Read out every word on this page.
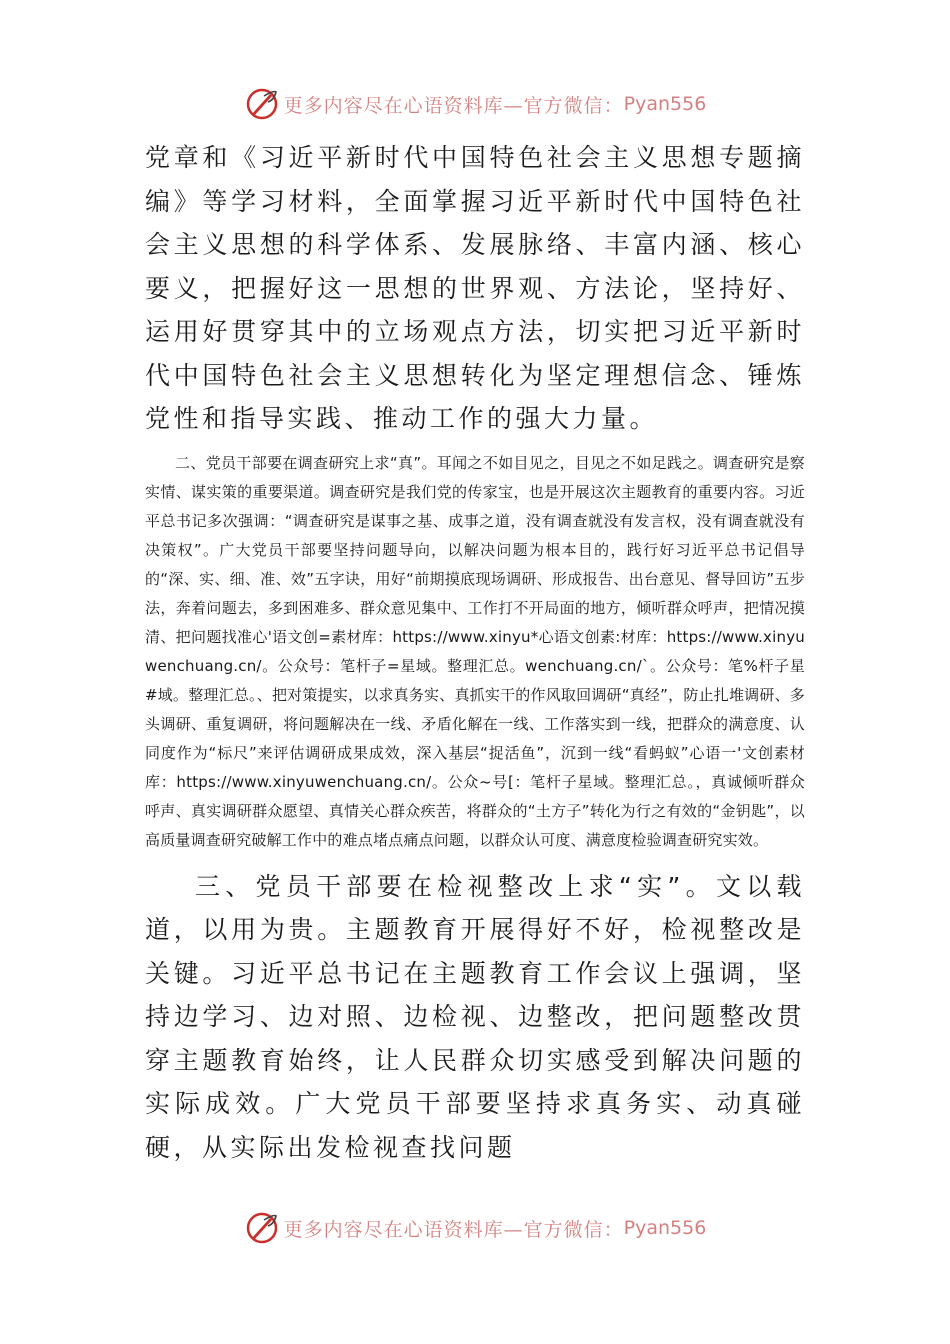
更多内容尽在心语资料库—官方微信： Pyan556

党章和《习近平新时代中国特色社会主义思想专题摘编》等学习材料，全面掌握习近平新时代中国特色社会主义思想的科学体系、发展脉络、丰富内涵、核心要义，把握好这一思想的世界观、方法论，坚持好、运用好贯穿其中的立场观点方法，切实把习近平新时代中国特色社会主义思想转化为坚定理想信念、锤炼党性和指导实践、推动工作的强大力量。

二、党员干部要在调查研究上求“真”。耳闻之不如目见之，目见之不如足践之。调查研究是察实情、谋实策的重要渠道。调查研究是我们党的传家宝，也是开展这次主题教育的重要内容。习近平总书记多次强调：“调查研究是谋事之基、成事之道，没有调查就没有发言权，没有调查就没有决策权”。广大党员干部要坚持问题导向，以解决问题为根本目的，践行好习近平总书记倡导的“深、实、细、准、效”五字诀，用好“前期摸底现场调研、形成报告、出台意见、督导回访”五步法，奔着问题去，多到困难多、群众意见集中、工作打不开局面的地方，倾听群众呼声，把情况摸清、把问题找准心'语文创=素材库：https://www.xinyu*心语文创素:材库：https://www.xinyuwenchuang.cn/。公众号：笔杆子=星域。整理汇总。wenchuang.cn/`。公众号：笔%杆子星#域。整理汇总。、把对策提实，以求真务实、真抓实干的作风取回调研“真经”，防止扎堆调研、多头调研、重复调研，将问题解决在一线、矛盾化解在一线、工作落实到一线，把群众的满意度、认同度作为“标尺”来评估调研成果成效，深入基层“捉活鱼”，沉到一线“看蚂蚁”心语一'文创素材库：https://www.xinyuwenchuang.cn/。公众~号[：笔杆子星域。整理汇总。，真诚倾听群众呼声、真实调研群众愿望、真情关心群众疾苦，将群众的“土方子”转化为行之有效的“金钥匙”，以高质量调查研究破解工作中的难点堵点痛点问题，以群众认可度、满意度检验调查研究实效。

三、党员干部要在检视整改上求“实”。文以载道，以用为贵。主题教育开展得好不好，检视整改是关键。习近平总书记在主题教育工作会议上强调，坚持边学习、边对照、边检视、边整改，把问题整改贯穿主题教育始终，让人民群众切实感受到解决问题的实际成效。广大党员干部要坚持求真务实、动真碰硬，从实际出发检视查找问题

更多内容尽在心语资料库—官方微信： Pyan556
